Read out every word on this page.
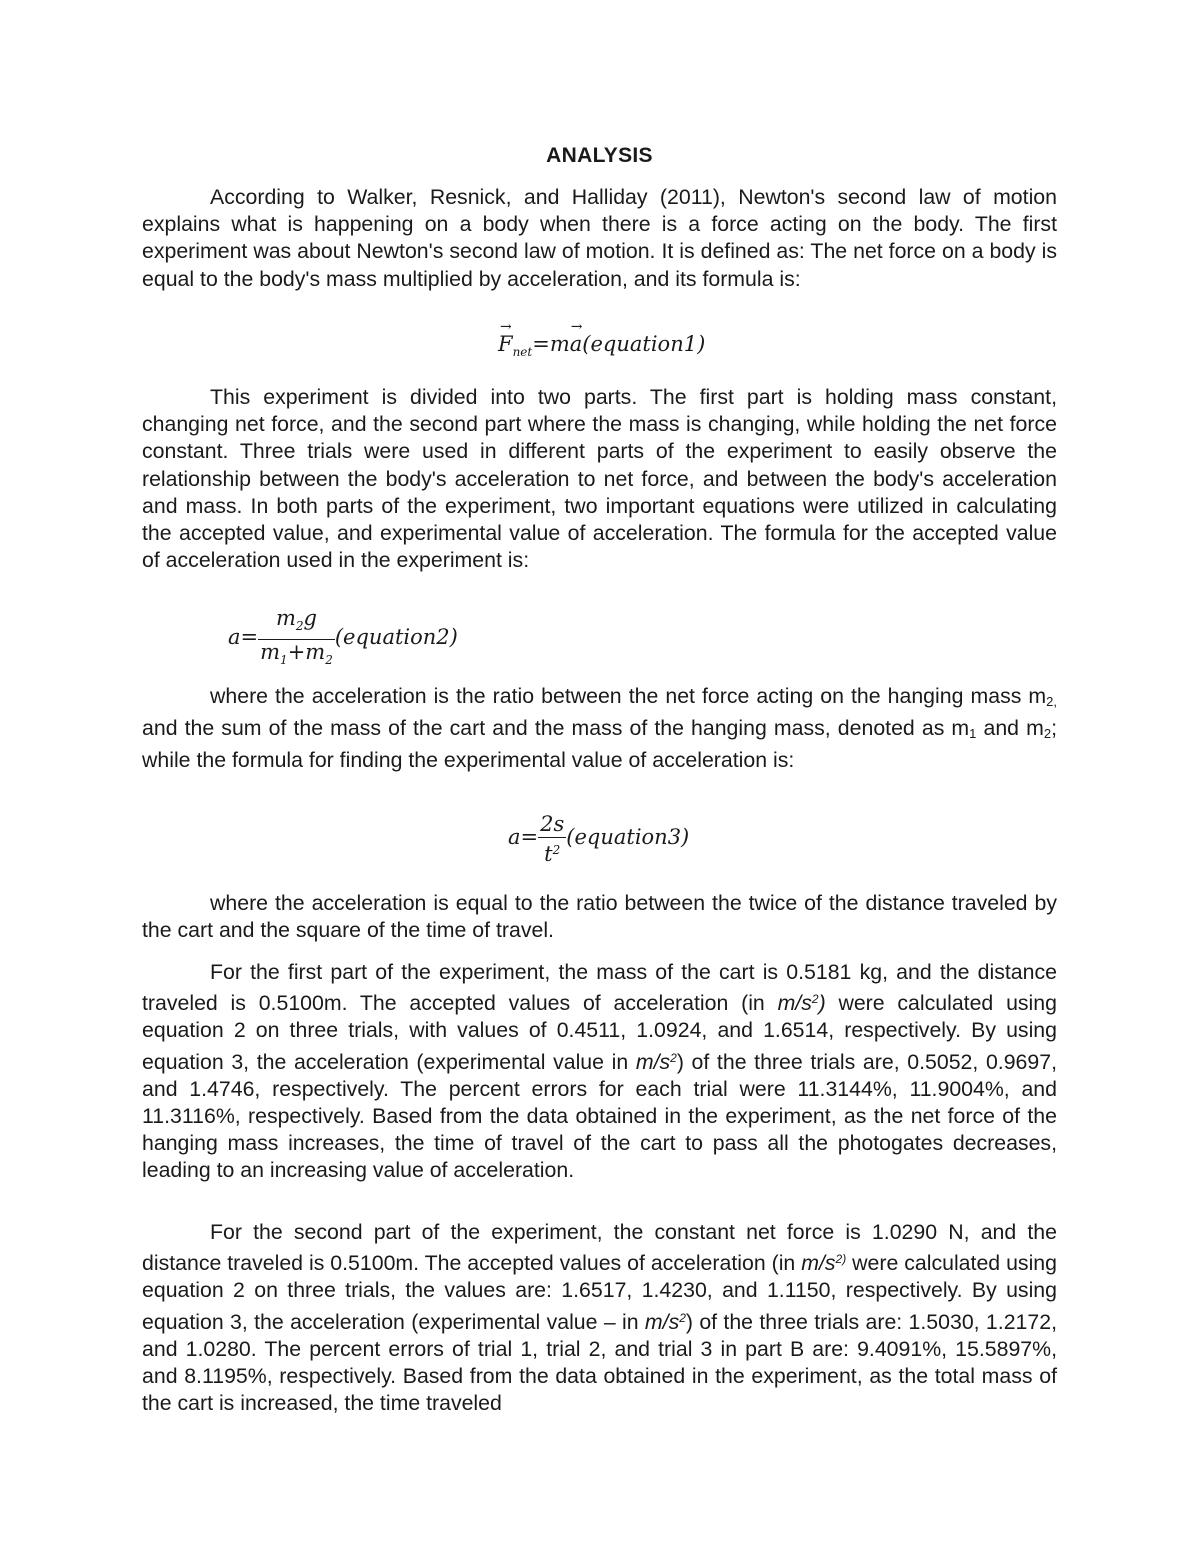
ANALYSIS

According to Walker, Resnick, and Halliday (2011), Newton's second law of motion explains what is happening on a body when there is a force acting on the body. The first experiment was about Newton's second law of motion. It is defined as: The net force on a body is equal to the body's mass multiplied by acceleration, and its formula is:

→
$F_{net}=m$
→
a(equation1)

This experiment is divided into two parts. The first part is holding mass constant, changing net force, and the second part where the mass is changing, while holding the net force constant. Three trials were used in different parts of the experiment to easily observe the relationship between the body's acceleration to net force, and between the body's acceleration and mass. In both parts of the experiment, two important equations were utilized in calculating the accepted value, and experimental value of acceleration. The formula for the accepted value of acceleration used in the experiment is:

$a= \frac{m_2g}{m_1+m_2}$ (equation2)

where the acceleration is the ratio between the net force acting on the hanging mass m2, and the sum of the mass of the cart and the mass of the hanging mass, denoted as m1 and m2; while the formula for finding the experimental value of acceleration is:

$a= \frac{2s}{t^2}$ (equation3)

where the acceleration is equal to the ratio between the twice of the distance traveled by the cart and the square of the time of travel.

For the first part of the experiment, the mass of the cart is 0.5181 kg, and the distance traveled is 0.5100m. The accepted values of acceleration (in $m/s^2$) were calculated using equation 2 on three trials, with values of 0.4511, 1.0924, and 1.6514, respectively. By using equation 3, the acceleration (experimental value in $m/s^2$) of the three trials are, 0.5052, 0.9697, and 1.4746, respectively. The percent errors for each trial were 11.3144%, 11.9004%, and 11.3116%, respectively. Based from the data obtained in the experiment, as the net force of the hanging mass increases, the time of travel of the cart to pass all the photogates decreases, leading to an increasing value of acceleration.

For the second part of the experiment, the constant net force is 1.0290 N, and the distance traveled is 0.5100m. The accepted values of acceleration (in $m/s^{2)}$ were calculated using equation 2 on three trials, the values are: 1.6517, 1.4230, and 1.1150, respectively. By using equation 3, the acceleration (experimental value – in $m/s^2$) of the three trials are: 1.5030, 1.2172, and 1.0280. The percent errors of trial 1, trial 2, and trial 3 in part B are: 9.4091%, 15.5897%, and 8.1195%, respectively. Based from the data obtained in the experiment, as the total mass of the cart is increased, the time traveled
